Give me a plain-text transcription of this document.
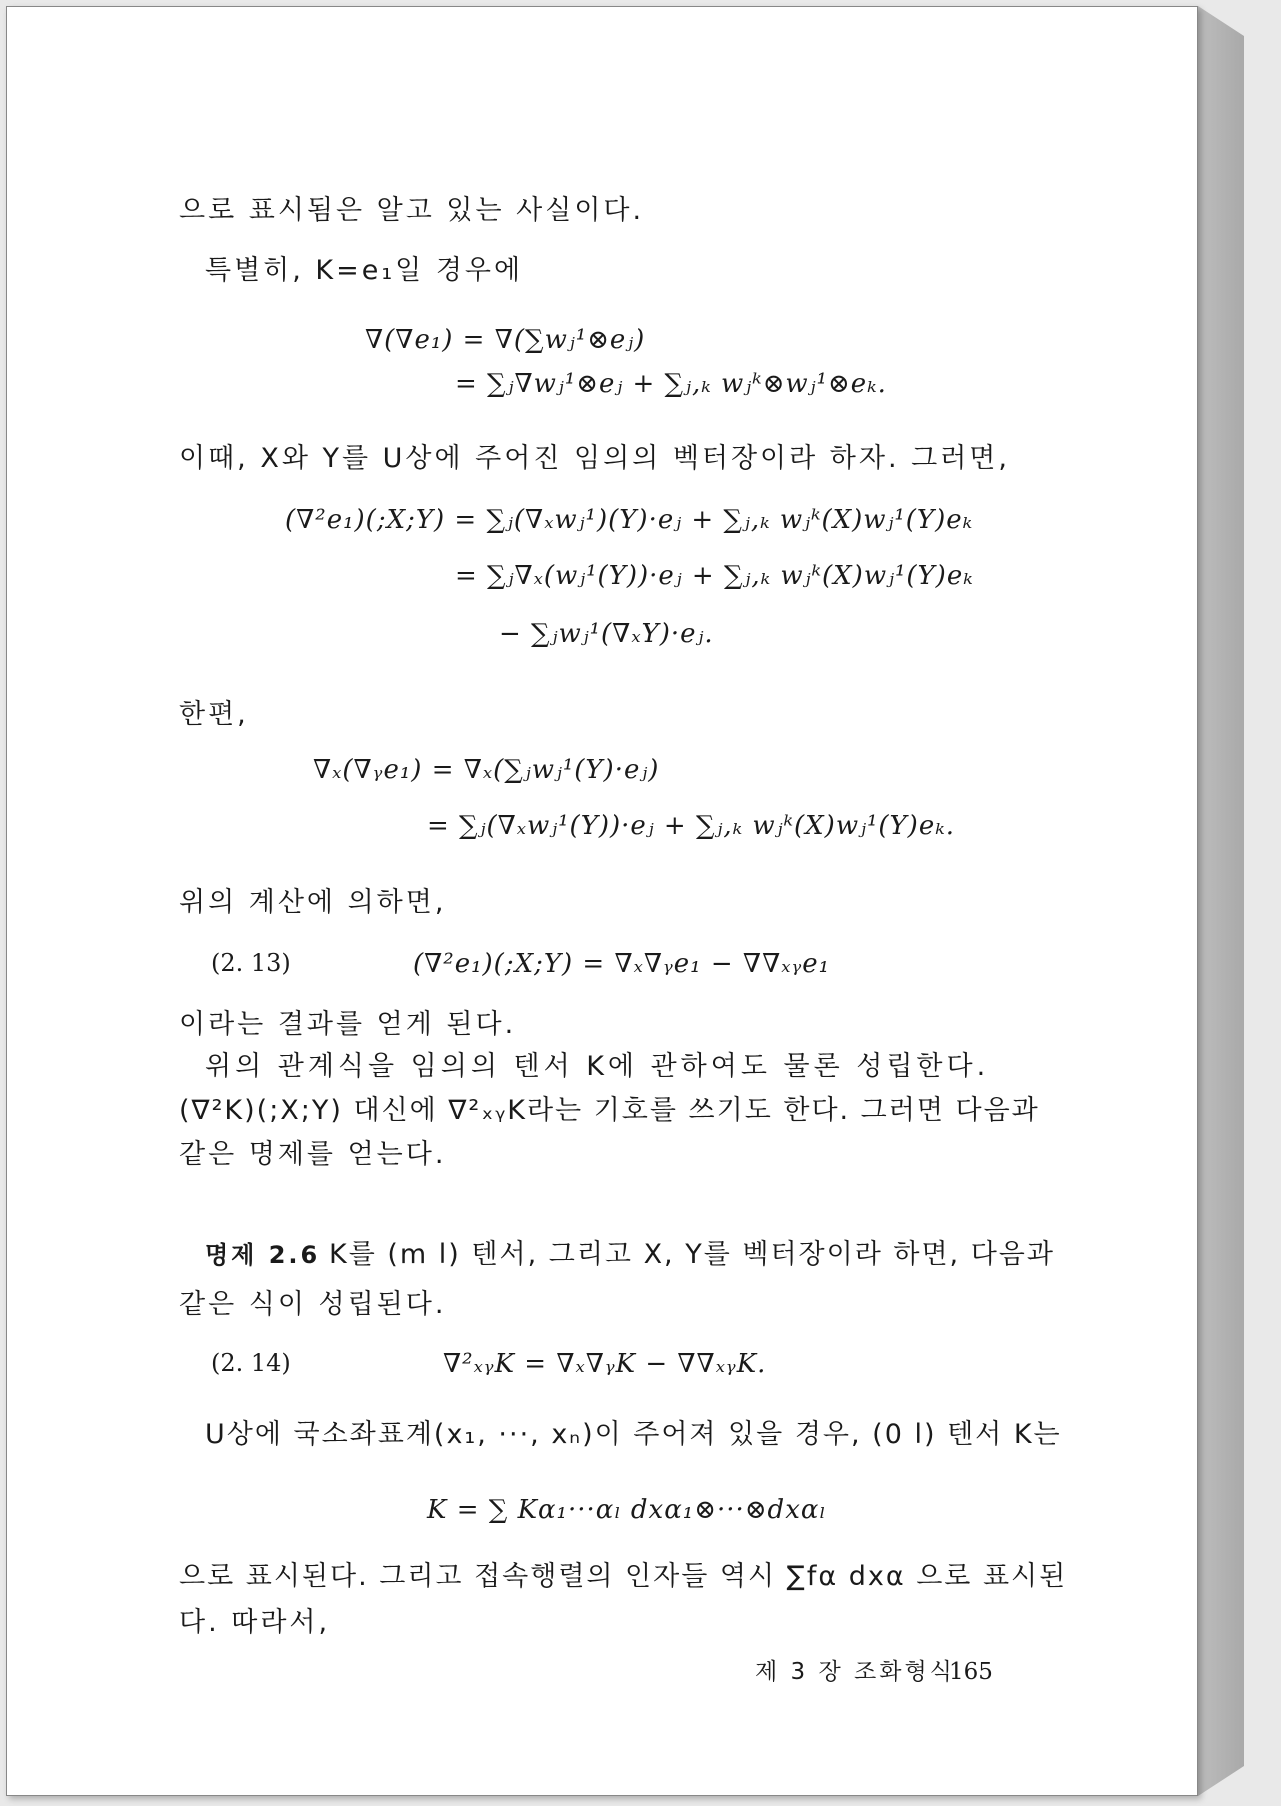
으로 표시됨은 알고 있는 사실이다.
특별히, K=e₁일 경우에
∇(∇e₁) = ∇(∑wⱼ¹⊗eⱼ)
= ∑ⱼ∇wⱼ¹⊗eⱼ + ∑ⱼ,ₖ wⱼᵏ⊗wⱼ¹⊗eₖ.
이때, X와 Y를 U상에 주어진 임의의 벡터장이라 하자. 그러면,
(∇²e₁)(;X;Y) = ∑ⱼ(∇ₓwⱼ¹)(Y)·eⱼ + ∑ⱼ,ₖ wⱼᵏ(X)wⱼ¹(Y)eₖ
= ∑ⱼ∇ₓ(wⱼ¹(Y))·eⱼ + ∑ⱼ,ₖ wⱼᵏ(X)wⱼ¹(Y)eₖ
− ∑ⱼwⱼ¹(∇ₓY)·eⱼ.
한편,
∇ₓ(∇ᵧe₁) = ∇ₓ(∑ⱼwⱼ¹(Y)·eⱼ)
= ∑ⱼ(∇ₓwⱼ¹(Y))·eⱼ + ∑ⱼ,ₖ wⱼᵏ(X)wⱼ¹(Y)eₖ.
위의 계산에 의하면,
(2. 13)	(∇²e₁)(;X;Y) = ∇ₓ∇ᵧe₁ − ∇∇ₓᵧe₁
이라는 결과를 얻게 된다.
위의 관계식을 임의의 텐서 K에 관하여도 물론 성립한다.
(∇²K)(;X;Y) 대신에 ∇²ₓᵧK라는 기호를 쓰기도 한다. 그러면 다음과
같은 명제를 얻는다.
명제 2.6 K를 (m l) 텐서, 그리고 X, Y를 벡터장이라 하면, 다음과
같은 식이 성립된다.
(2. 14)	∇²ₓᵧK = ∇ₓ∇ᵧK − ∇∇ₓᵧK.
U상에 국소좌표계(x₁, ···, xₙ)이 주어져 있을 경우, (0 l) 텐서 K는
K = ∑ Kα₁···αₗ dxα₁⊗···⊗dxαₗ
으로 표시된다. 그리고 접속행렬의 인자들 역시 ∑fα dxα 으로 표시된
다. 따라서,
제 3 장 조화형식
165
